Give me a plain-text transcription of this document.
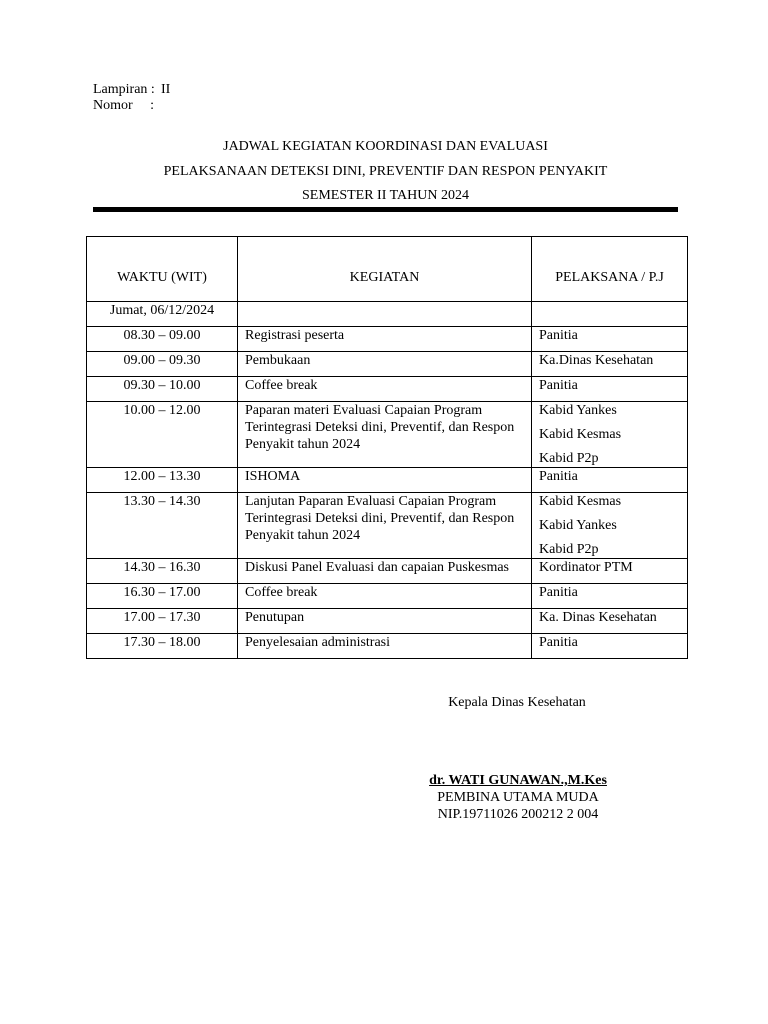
Lampiran : II
Nomor     :
JADWAL KEGIATAN KOORDINASI DAN EVALUASI
PELAKSANAAN DETEKSI DINI, PREVENTIF DAN RESPON PENYAKIT
SEMESTER II TAHUN 2024
WAKTU (WIT)	KEGIATAN	PELAKSANA / P.J
Jumat, 06/12/2024		
08.30 – 09.00	Registrasi peserta	Panitia

09.00 – 09.30	Pembukaan	Ka.Dinas Kesehatan

09.30 – 10.00	Coffee break	Panitia

10.00 – 12.00	Paparan materi Evaluasi Capaian Program Terintegrasi Deteksi dini, Preventif, dan Respon Penyakit tahun 2024	Kabid Yankes

Kabid Kesmas

Kabid P2p

12.00 – 13.30	ISHOMA	Panitia

13.30 – 14.30	Lanjutan Paparan Evaluasi Capaian Program Terintegrasi Deteksi dini, Preventif, dan Respon Penyakit tahun 2024	Kabid Kesmas

Kabid Yankes

Kabid P2p

14.30 – 16.30	Diskusi Panel Evaluasi dan capaian Puskesmas	Kordinator PTM

16.30 – 17.00	Coffee break	Panitia

17.00 – 17.30	Penutupan	Ka. Dinas Kesehatan

17.30 – 18.00	Penyelesaian administrasi	Panitia

Kepala Dinas Kesehatan
dr. WATI GUNAWAN.,M.Kes
PEMBINA UTAMA MUDA
NIP.19711026 200212 2 004
